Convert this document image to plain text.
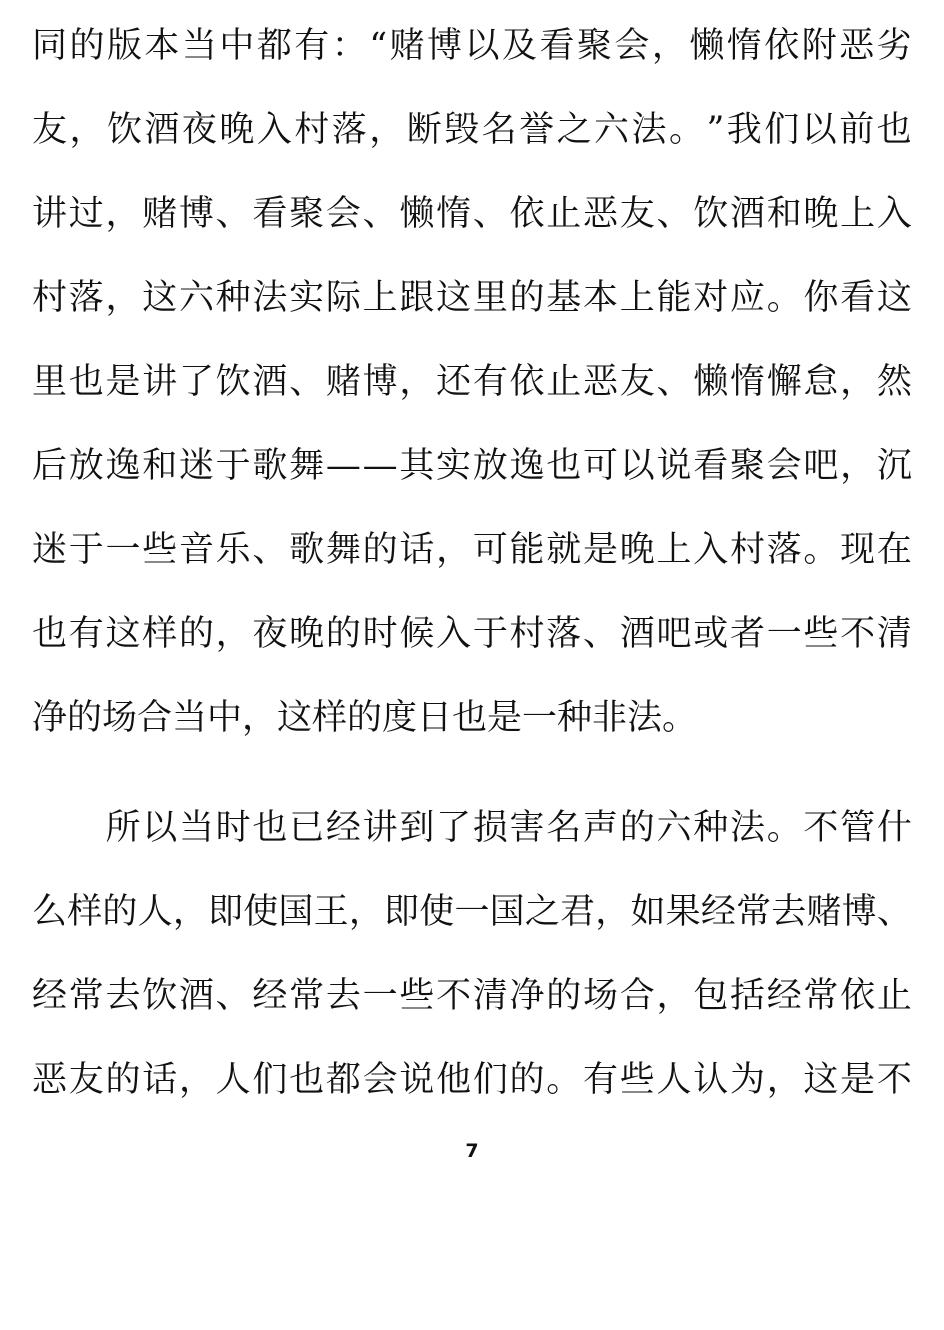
同 的 版 本 当 中 都 有 ： “ 赌 博 以 及 看 聚 会 ， 懒 惰 依 附 恶 劣
友 ， 饮 酒 夜 晚 入 村 落 ， 断 毁 名 誉 之 六 法 。 ” 我 们 以 前 也
讲 过 ， 赌 博 、 看 聚 会 、 懒 惰 、 依 止 恶 友 、 饮 酒 和 晚 上 入
村 落 ， 这 六 种 法 实 际 上 跟 这 里 的 基 本 上 能 对 应 。 你 看 这
里 也 是 讲 了 饮 酒 、 赌 博 ， 还 有 依 止 恶 友 、 懒 惰 懈 怠 ， 然
后 放 逸 和 迷 于 歌 舞 — — 其 实 放 逸 也 可 以 说 看 聚 会 吧 ， 沉
迷 于 一 些 音 乐 、 歌 舞 的 话 ， 可 能 就 是 晚 上 入 村 落 。 现 在
也 有 这 样 的 ， 夜 晚 的 时 候 入 于 村 落 、 酒 吧 或 者 一 些 不 清
净的场合当中，这样的度日也是一种非法。

所 以 当 时 也 已 经 讲 到 了 损 害 名 声 的 六 种 法 。 不 管 什
么 样 的 人 ， 即 使 国 王 ， 即 使 一 国 之 君 ， 如 果 经 常 去 赌 博 、
经 常 去 饮 酒 、 经 常 去 一 些 不 清 净 的 场 合 ， 包 括 经 常 依 止
恶 友 的 话 ， 人 们 也 都 会 说 他 们 的 。 有 些 人 认 为 ， 这 是 不
7
